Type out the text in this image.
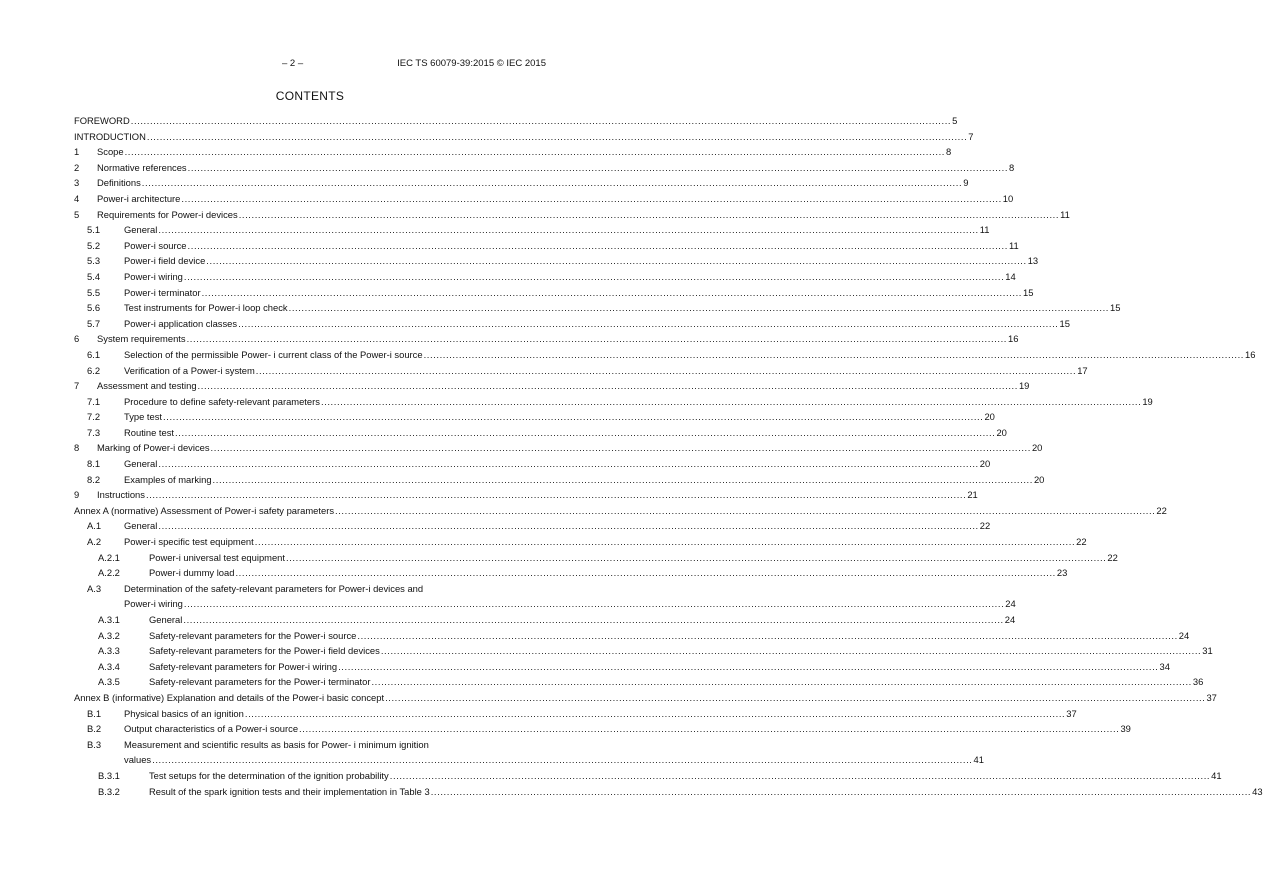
– 2 –	IEC TS 60079-39:2015 © IEC 2015
CONTENTS
FOREWORD ................................................................................................................................................................................................................................................................ 5
INTRODUCTION ................................................................................................................................................................................................................................................................ 7
1 Scope ................................................................................................................................................................................................................................................................ 8
2 Normative references ................................................................................................................................................................................................................................................................ 8
3 Definitions ................................................................................................................................................................................................................................................................ 9
4 Power-i architecture ................................................................................................................................................................................................................................................................ 10
5 Requirements for Power-i devices ................................................................................................................................................................................................................................................................ 11
5.1	General ................................................................................................................................................................................................................................................................ 11
5.2	Power-i source ................................................................................................................................................................................................................................................................ 11
5.3	Power-i field device ................................................................................................................................................................................................................................................................ 13
5.4	Power-i wiring ................................................................................................................................................................................................................................................................ 14
5.5	Power-i terminator ................................................................................................................................................................................................................................................................ 15
5.6	Test instruments for Power-i loop check ................................................................................................................................................................................................................................................................ 15
5.7	Power-i application classes ................................................................................................................................................................................................................................................................ 15
6 System requirements ................................................................................................................................................................................................................................................................ 16
6.1	Selection of the permissible Power- i current class of the Power-i source ................................................................................................................................................................................................................................................................ 16
6.2	Verification of a Power-i system ................................................................................................................................................................................................................................................................ 17
7 Assessment and testing ................................................................................................................................................................................................................................................................ 19
7.1	Procedure to define safety-relevant parameters ................................................................................................................................................................................................................................................................ 19
7.2	Type test ................................................................................................................................................................................................................................................................ 20
7.3	Routine test ................................................................................................................................................................................................................................................................ 20
8 Marking of Power-i devices ................................................................................................................................................................................................................................................................ 20
8.1	General ................................................................................................................................................................................................................................................................ 20
8.2	Examples of marking ................................................................................................................................................................................................................................................................ 20
9 Instructions ................................................................................................................................................................................................................................................................ 21
Annex A (normative) Assessment of Power-i safety parameters ................................................................................................................................................................................................................................................................ 22
A.1 General ................................................................................................................................................................................................................................................................ 22
A.2 Power-i specific test equipment ................................................................................................................................................................................................................................................................ 22
A.2.1	Power-i universal test equipment ................................................................................................................................................................................................................................................................ 22
A.2.2	Power-i dummy load ................................................................................................................................................................................................................................................................ 23
A.3 Determination of the safety-relevant parameters for Power-i devices and
Power-i wiring ................................................................................................................................................................................................................................................................ 24
A.3.1	General ................................................................................................................................................................................................................................................................ 24
A.3.2	Safety-relevant parameters for the Power-i source ................................................................................................................................................................................................................................................................ 24
A.3.3	Safety-relevant parameters for the Power-i field devices ................................................................................................................................................................................................................................................................ 31
A.3.4	Safety-relevant parameters for Power-i wiring ................................................................................................................................................................................................................................................................ 34
A.3.5	Safety-relevant parameters for the Power-i terminator ................................................................................................................................................................................................................................................................ 36
Annex B (informative) Explanation and details of the Power-i basic concept ................................................................................................................................................................................................................................................................ 37
B.1 Physical basics of an ignition ................................................................................................................................................................................................................................................................ 37
B.2 Output characteristics of a Power-i source ................................................................................................................................................................................................................................................................ 39
B.3 Measurement and scientific results as basis for Power- i minimum ignition
values ................................................................................................................................................................................................................................................................ 41
B.3.1	Test setups for the determination of the ignition probability ................................................................................................................................................................................................................................................................ 41
B.3.2	Result of the spark ignition tests and their implementation in Table 3 ................................................................................................................................................................................................................................................................ 43
